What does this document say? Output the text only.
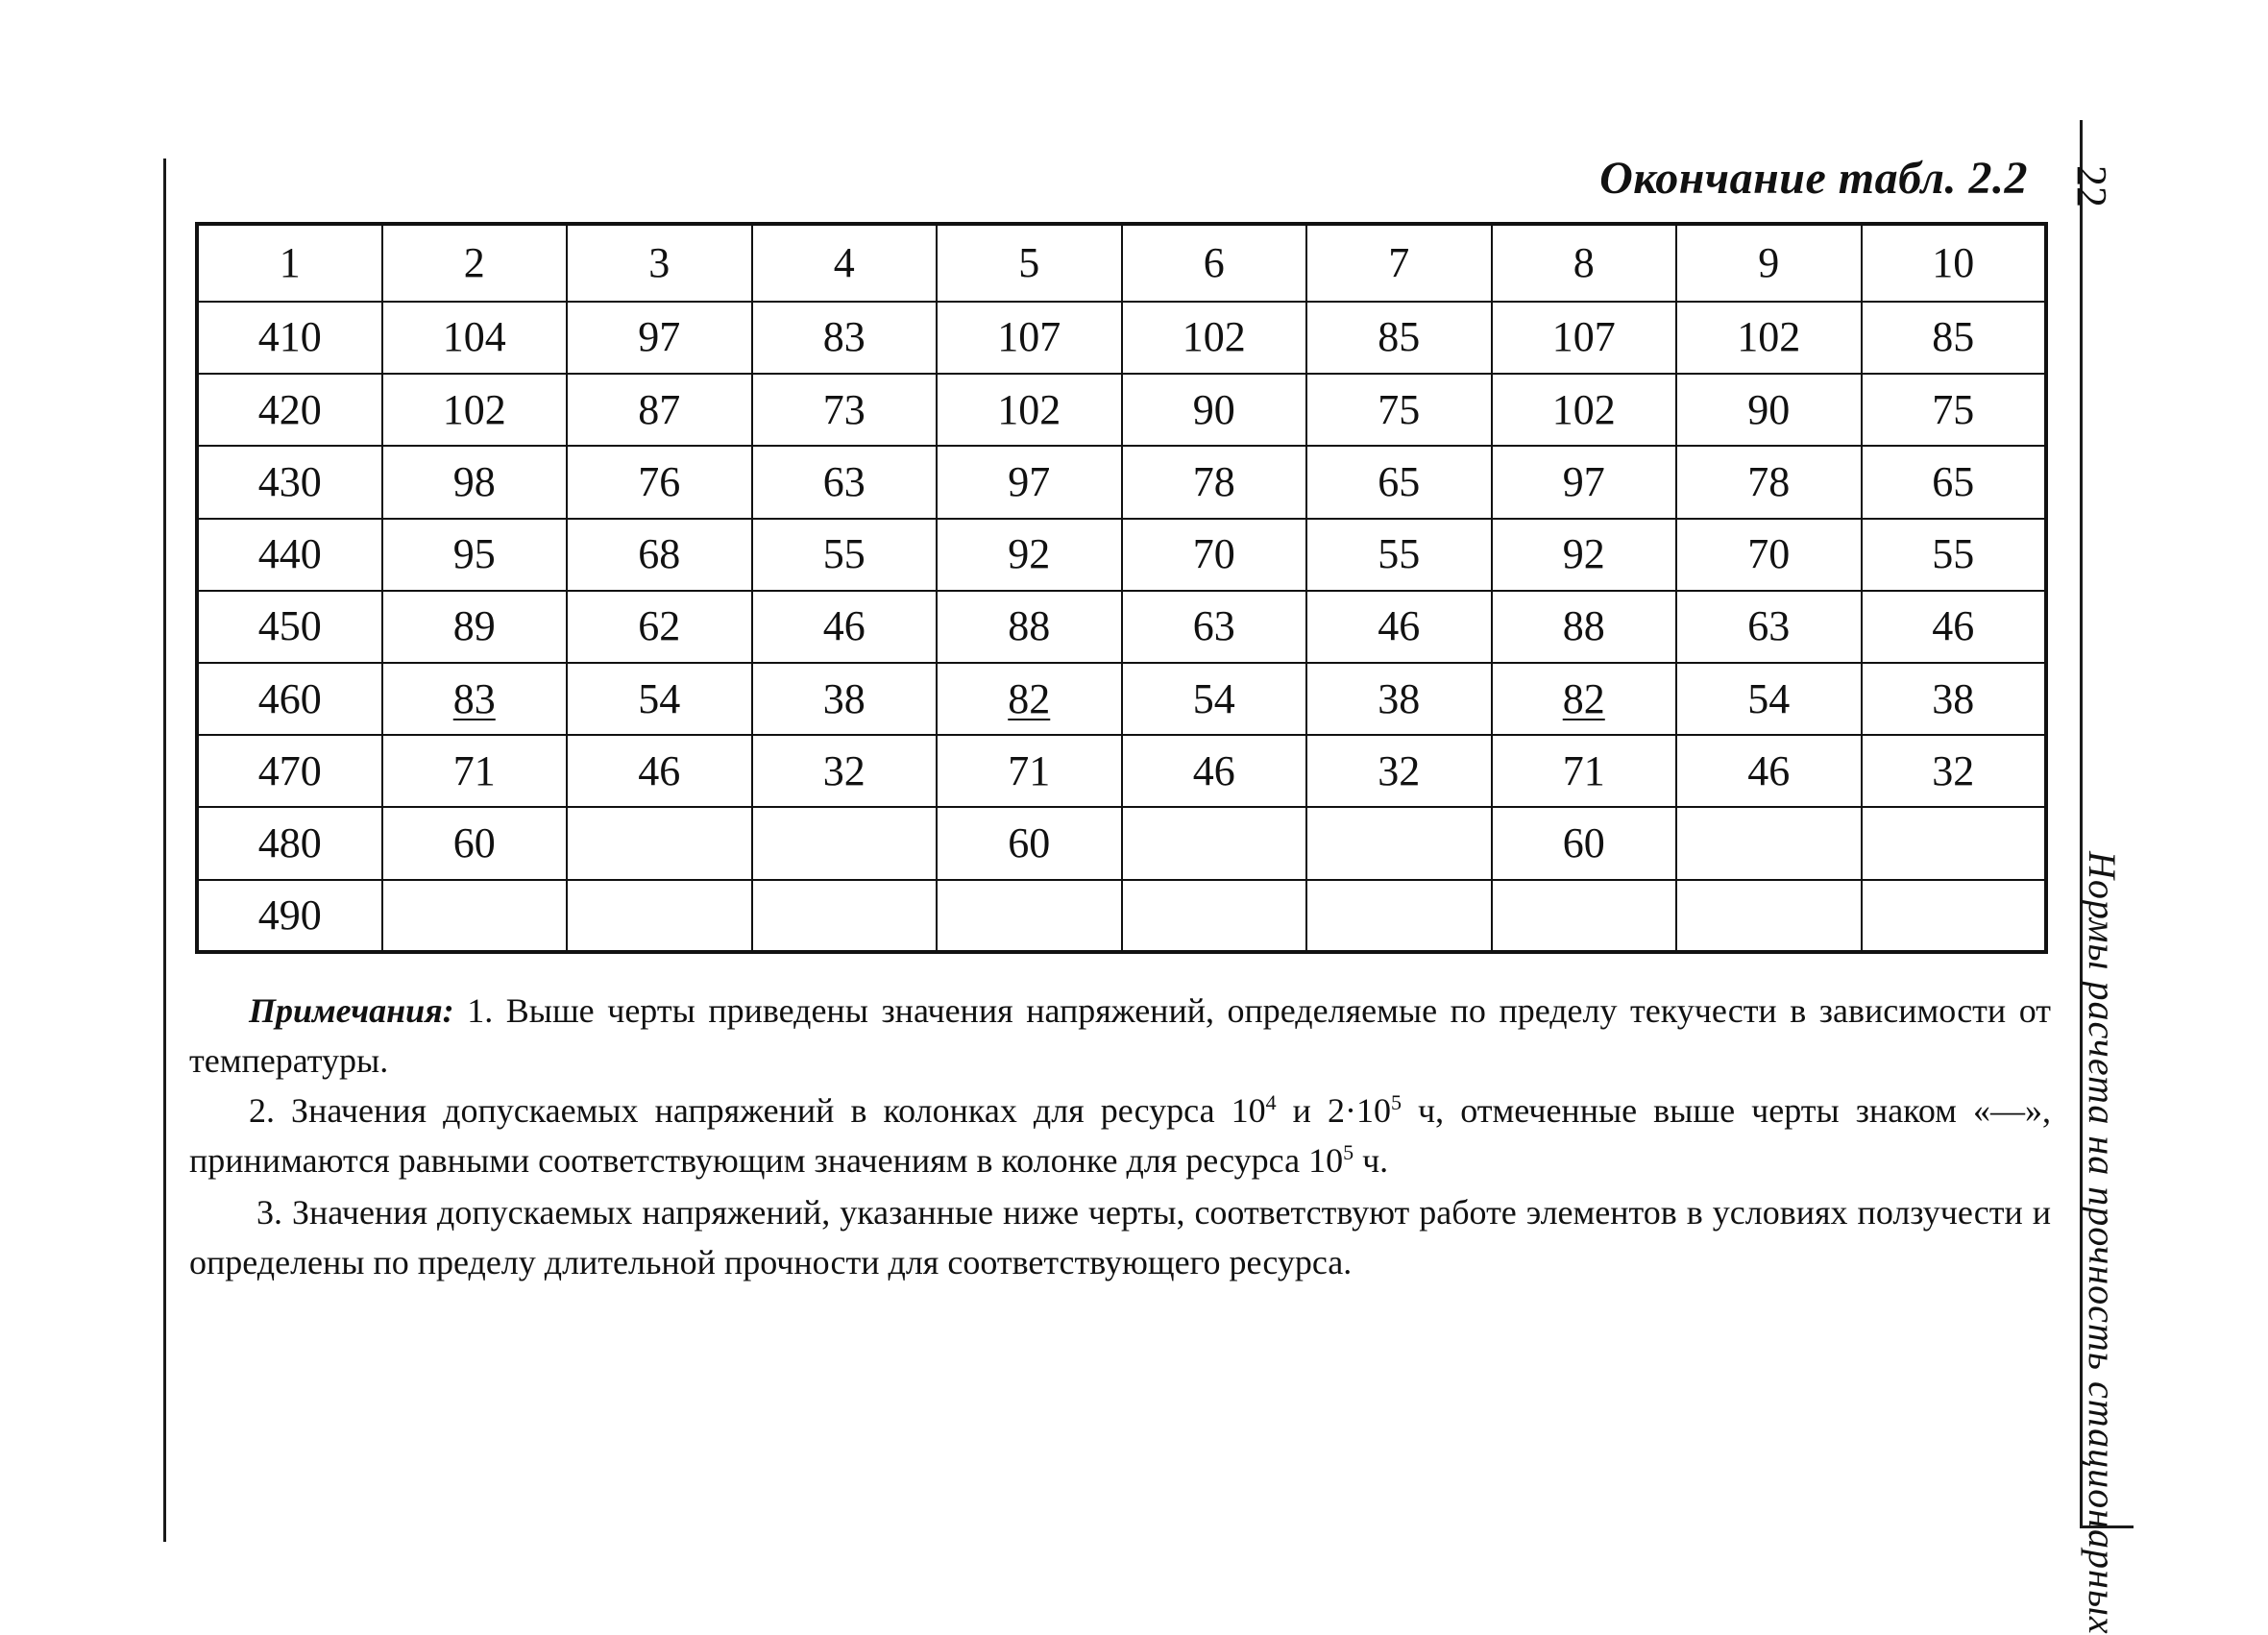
Окончание табл. 2.2
1	2	3	4	5	6	7	8	9	10
410	104	97	83	107	102	85	107	102	85
420	102	87	73	102	90	75	102	90	75
430	98	76	63	97	78	65	97	78	65
440	95	68	55	92	70	55	92	70	55
450	89	62	46	88	63	46	88	63	46
460	83	54	38	82	54	38	82	54	38
470	71	46	32	71	46	32	71	46	32
480	60			60			60		
490									

Примечания: 1. Выше черты приведены значения напряжений, определяемые по пределу текучести в зависимости от температуры.

2. Значения допускаемых напряжений в колонках для ресурса $10^4$ и $2\cdot 10^5$ ч, отмеченные выше черты знаком «—», принимаются равными соответствующим значениям в колонке для ресурса $10^5$ ч.

3. Значения допускаемых напряжений, указанные ниже черты, соответствуют работе элементов в условиях ползучести и определены по пределу длительной прочности для соответствующего ресурса.

22
Нормы расчета на прочность стационарных
